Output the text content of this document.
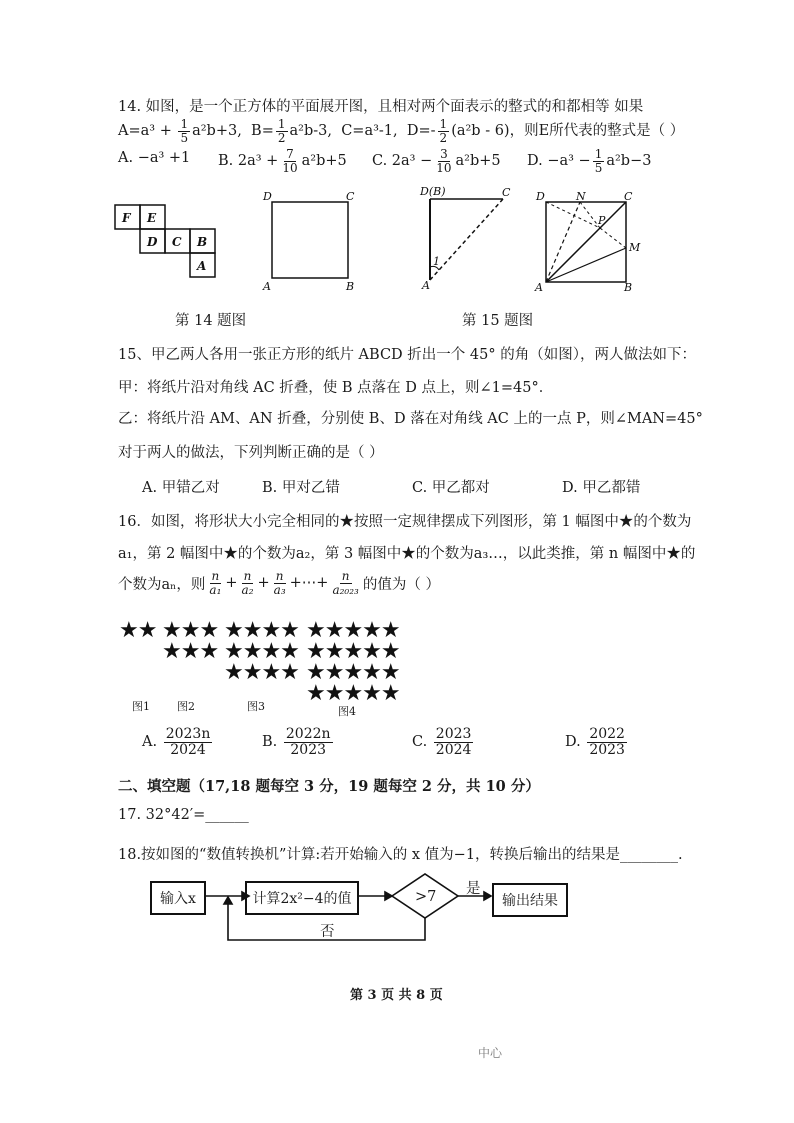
14. 如图，是一个正方体的平面展开图，且相对两个面表示的整式的和都相等 如果
$A=a^3 + \frac{1}{5} a^2b+3$, $B= \frac{1}{2} a^2b-3$, C=a³-1, $D=- \frac{1}{2} (a^2b - 6)$，则E所代表的整式是（ ）
A. −a³ +1 B. $2a^3 + \frac{7}{10} a^2b+5$ C. $2a^3 - \frac{3}{10} a^2b+5$ D. $-a^3 - \frac{1}{5} a^2b-3$
F E
D C B
A
D	C
A	B
D(B)	C
1
A
D	N	C
P
M
A	B
第 14 题图	第 15 题图
15、甲乙两人各用一张正方形的纸片 ABCD 折出一个 45° 的角（如图），两人做法如下：
甲：将纸片沿对角线 AC 折叠，使 B 点落在 D 点上，则∠1=45°．
乙：将纸片沿 AM、AN 折叠，分别使 B、D 落在对角线 AC 上的一点 P，则∠MAN=45°
对于两人的做法，下列判断正确的是（ ）
A. 甲错乙对	B. 甲对乙错	C. 甲乙都对	D. 甲乙都错
16．如图，将形状大小完全相同的★按照一定规律摆成下列图形，第 1 幅图中★的个数为
a₁，第 2 幅图中★的个数为a₂，第 3 幅图中★的个数为a₃…，以此类推，第 n 幅图中★的
个数为aₙ，则 $\frac{n}{\text{a₁}} + \frac{n}{\text{a₂}} + \frac{n}{\text{a₃}}$ +⋯+ $\frac{n}{\text{a₂₀₂₃}}$ 的值为（ ）
★★ ★★★
★★★
★★★★
★★★★
★★★★
★★★★★
★★★★★
★★★★★
★★★★★
图1 图2	图3	图4
A.
$\frac{2023n}{2024}$	B.
$\frac{2022n}{2023}$	C.
$\frac{2023}{2024}$	D.
$\frac{2022}{2023}$
二、填空题（17,18 题每空 3 分，19 题每空 2 分，共 10 分）
17. 32°42′=______
18.按如图的“数值转换机”计算:若开始输入的 x 值为−1，转换后输出的结果是________.
输入x	计算2x²−4的值	输出结果
>7 是
否
第 3 页 共 8 页
中心
